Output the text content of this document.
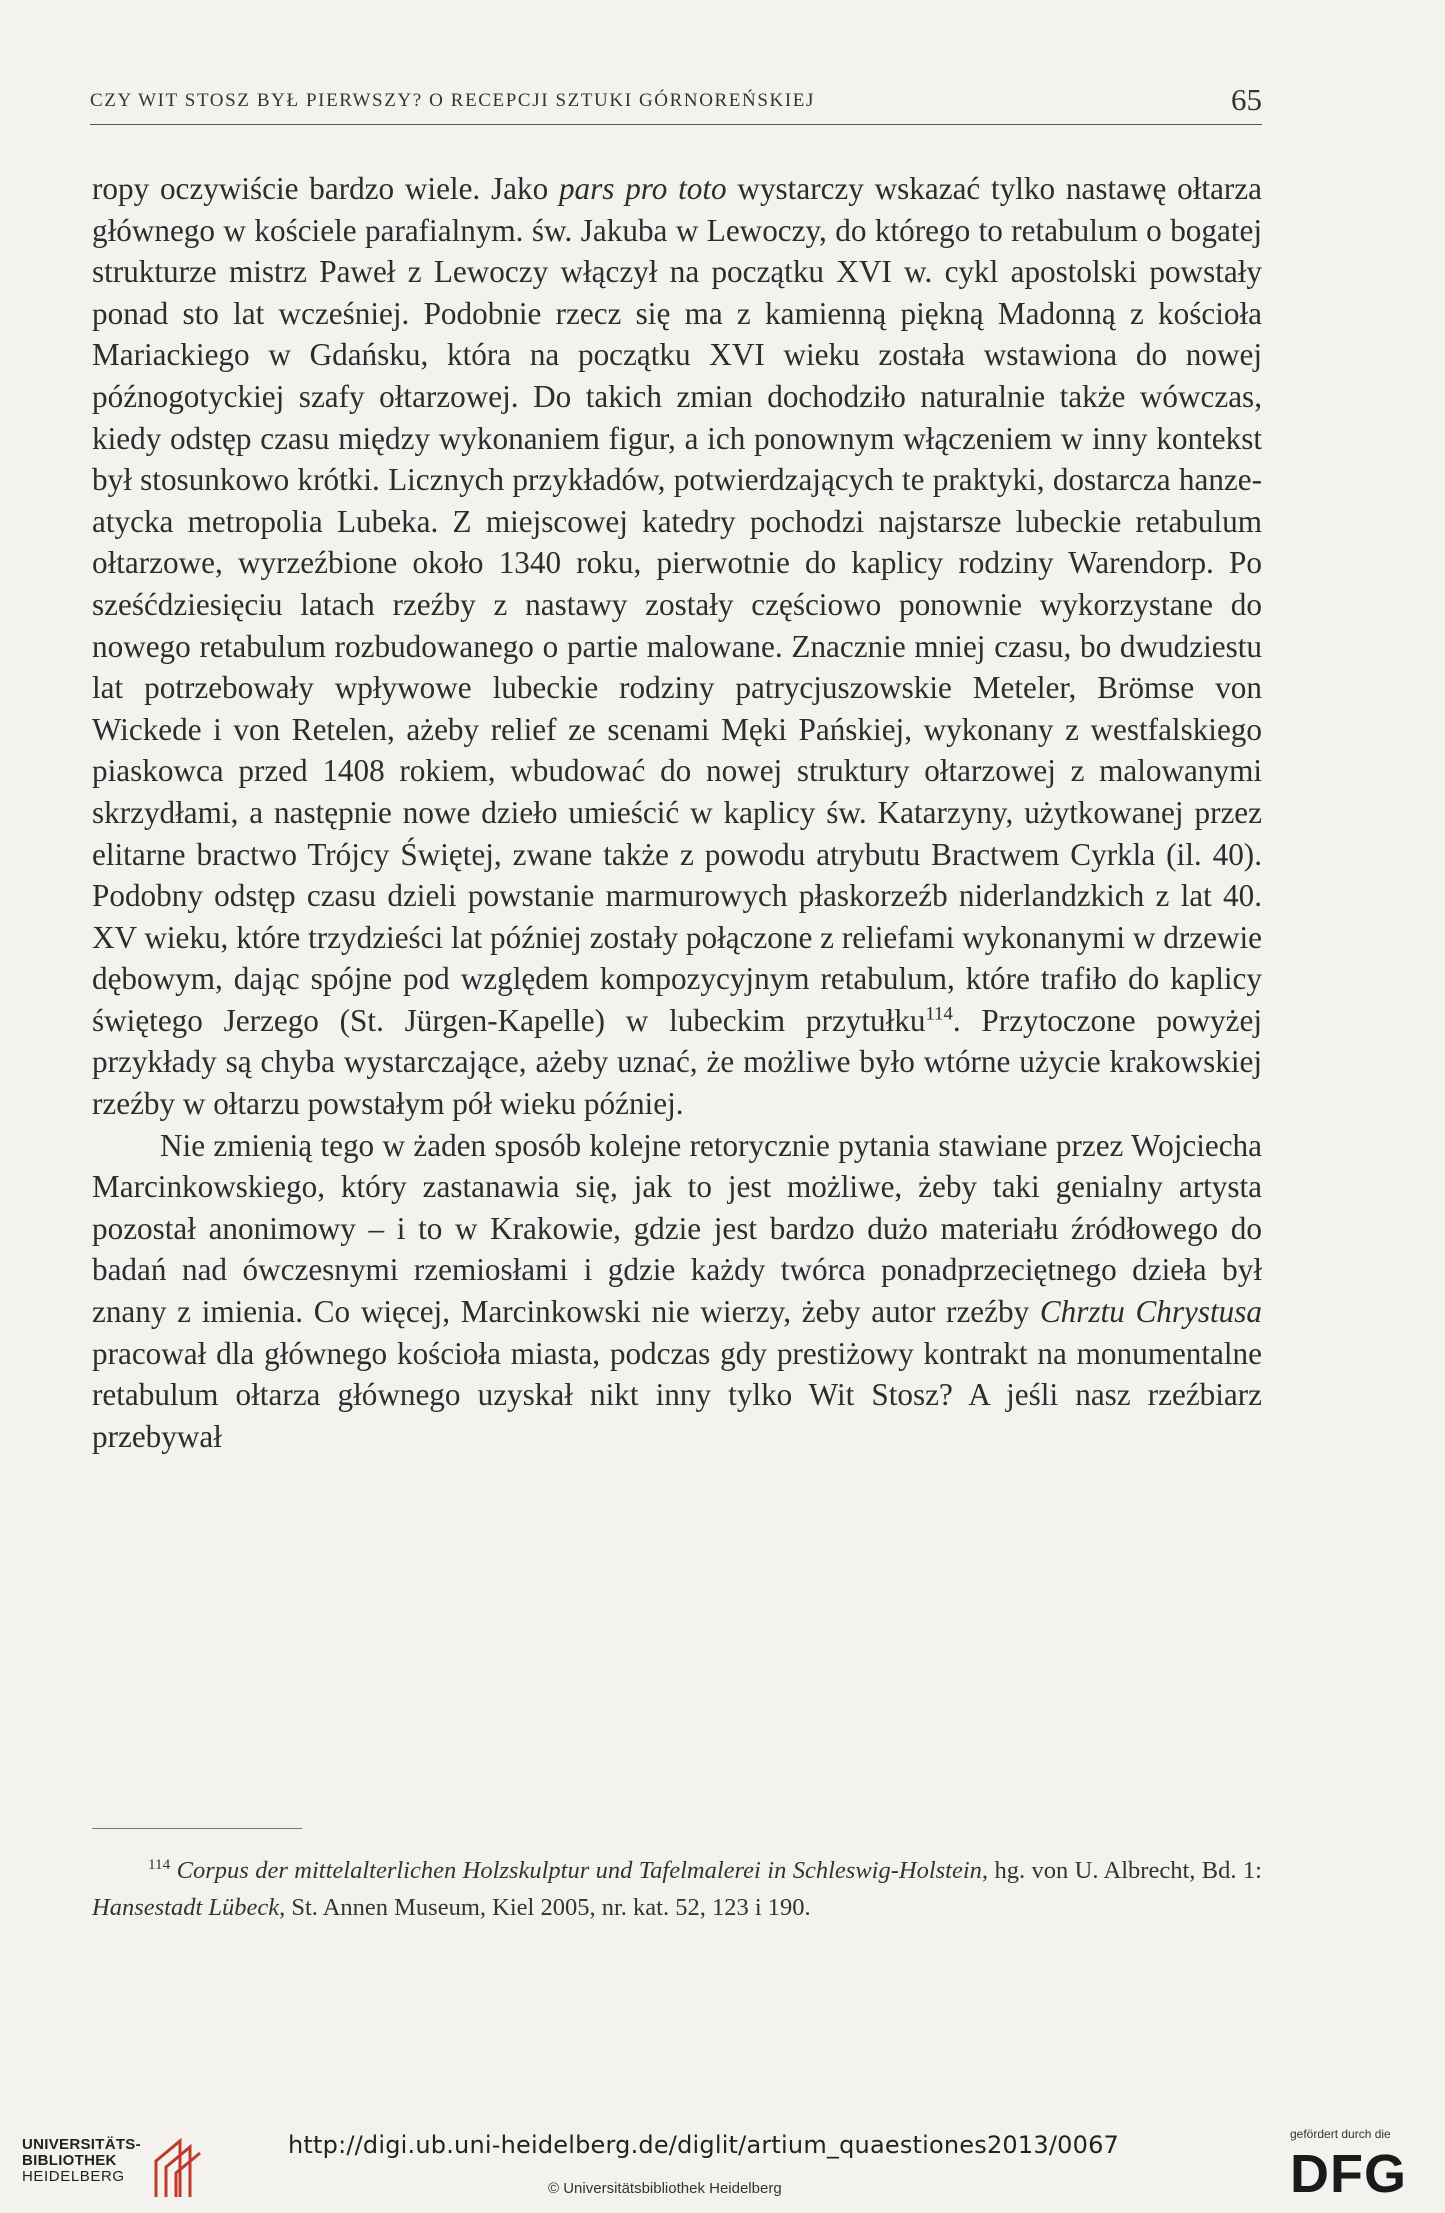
CZY WIT STOSZ BYŁ PIERWSZY? O RECEPCJI SZTUKI GÓRNOREŃSKIEJ	65

ropy oczywiście bardzo wiele. Jako pars pro toto wystarczy wskazać tylko nastawę ołtarza głównego w kościele parafialnym. św. Jakuba w Lewoczy, do którego to retabulum o bogatej strukturze mistrz Paweł z Lewoczy włączył na początku XVI w. cykl apostolski powstały ponad sto lat wcześniej. Podobnie rzecz się ma z kamienną piękną Madonną z kościoła Mariackiego w Gdańsku, która na początku XVI wieku została wstawiona do nowej późnogotyckiej szafy ołtarzowej. Do takich zmian dochodziło naturalnie także wówczas, kiedy odstęp czasu między wykonaniem figur, a ich ponownym włączeniem w inny kontekst był stosunkowo krótki. Licznych przykładów, potwierdzających te praktyki, dostarcza hanzeatycka metropolia Lubeka. Z miejscowej katedry pochodzi najstarsze lubeckie retabulum ołtarzowe, wyrzeźbione około 1340 roku, pierwotnie do kaplicy rodziny Warendorp. Po sześćdziesięciu latach rzeźby z nastawy zostały częściowo ponownie wykorzystane do nowego retabulum rozbudowanego o partie malowane. Znacznie mniej czasu, bo dwudziestu lat potrzebowały wpływowe lubeckie rodziny patrycjuszowskie Meteler, Brömse von Wickede i von Retelen, ażeby relief ze scenami Męki Pańskiej, wykonany z westfalskiego piaskowca przed 1408 rokiem, wbudować do nowej struktury ołtarzowej z malowanymi skrzydłami, a następnie nowe dzieło umieścić w kaplicy św. Katarzyny, użytkowanej przez elitarne bractwo Trójcy Świętej, zwane także z powodu atrybutu Bractwem Cyrkla (il. 40). Podobny odstęp czasu dzieli powstanie marmurowych płaskorzeźb niderlandzkich z lat 40. XV wieku, które trzydzieści lat później zostały połączone z reliefami wykonanymi w drzewie dębowym, dając spójne pod względem kompozycyjnym retabulum, które trafiło do kaplicy świętego Jerzego (St. Jürgen-Kapelle) w lubeckim przytułku$^{114}$. Przytoczone powyżej przykłady są chyba wystarczające, ażeby uznać, że możliwe było wtórne użycie krakowskiej rzeźby w ołtarzu powstałym pół wieku później.

Nie zmienią tego w żaden sposób kolejne retorycznie pytania stawiane przez Wojciecha Marcinkowskiego, który zastanawia się, jak to jest możliwe, żeby taki genialny artysta pozostał anonimowy – i to w Krakowie, gdzie jest bardzo dużo materiału źródłowego do badań nad ówczesnymi rzemiosłami i gdzie każdy twórca ponadprzeciętnego dzieła był znany z imienia. Co więcej, Marcinkowski nie wierzy, żeby autor rzeźby Chrztu Chrystusa pracował dla głównego kościoła miasta, podczas gdy prestiżowy kontrakt na monumentalne retabulum ołtarza głównego uzyskał nikt inny tylko Wit Stosz? A jeśli nasz rzeźbiarz przebywał

$^{114}$ Corpus der mittelalterlichen Holzskulptur und Tafelmalerei in Schleswig-Holstein, hg. von U. Albrecht, Bd. 1: Hansestadt Lübeck, St. Annen Museum, Kiel 2005, nr. kat. 52, 123 i 190.

UNIVERSITÄTS-
BIBLIOTHEK
HEIDELBERG
http://digi.ub.uni-heidelberg.de/diglit/artium_quaestiones2013/0067
© Universitätsbibliothek Heidelberg
gefördert durch die
DFG
